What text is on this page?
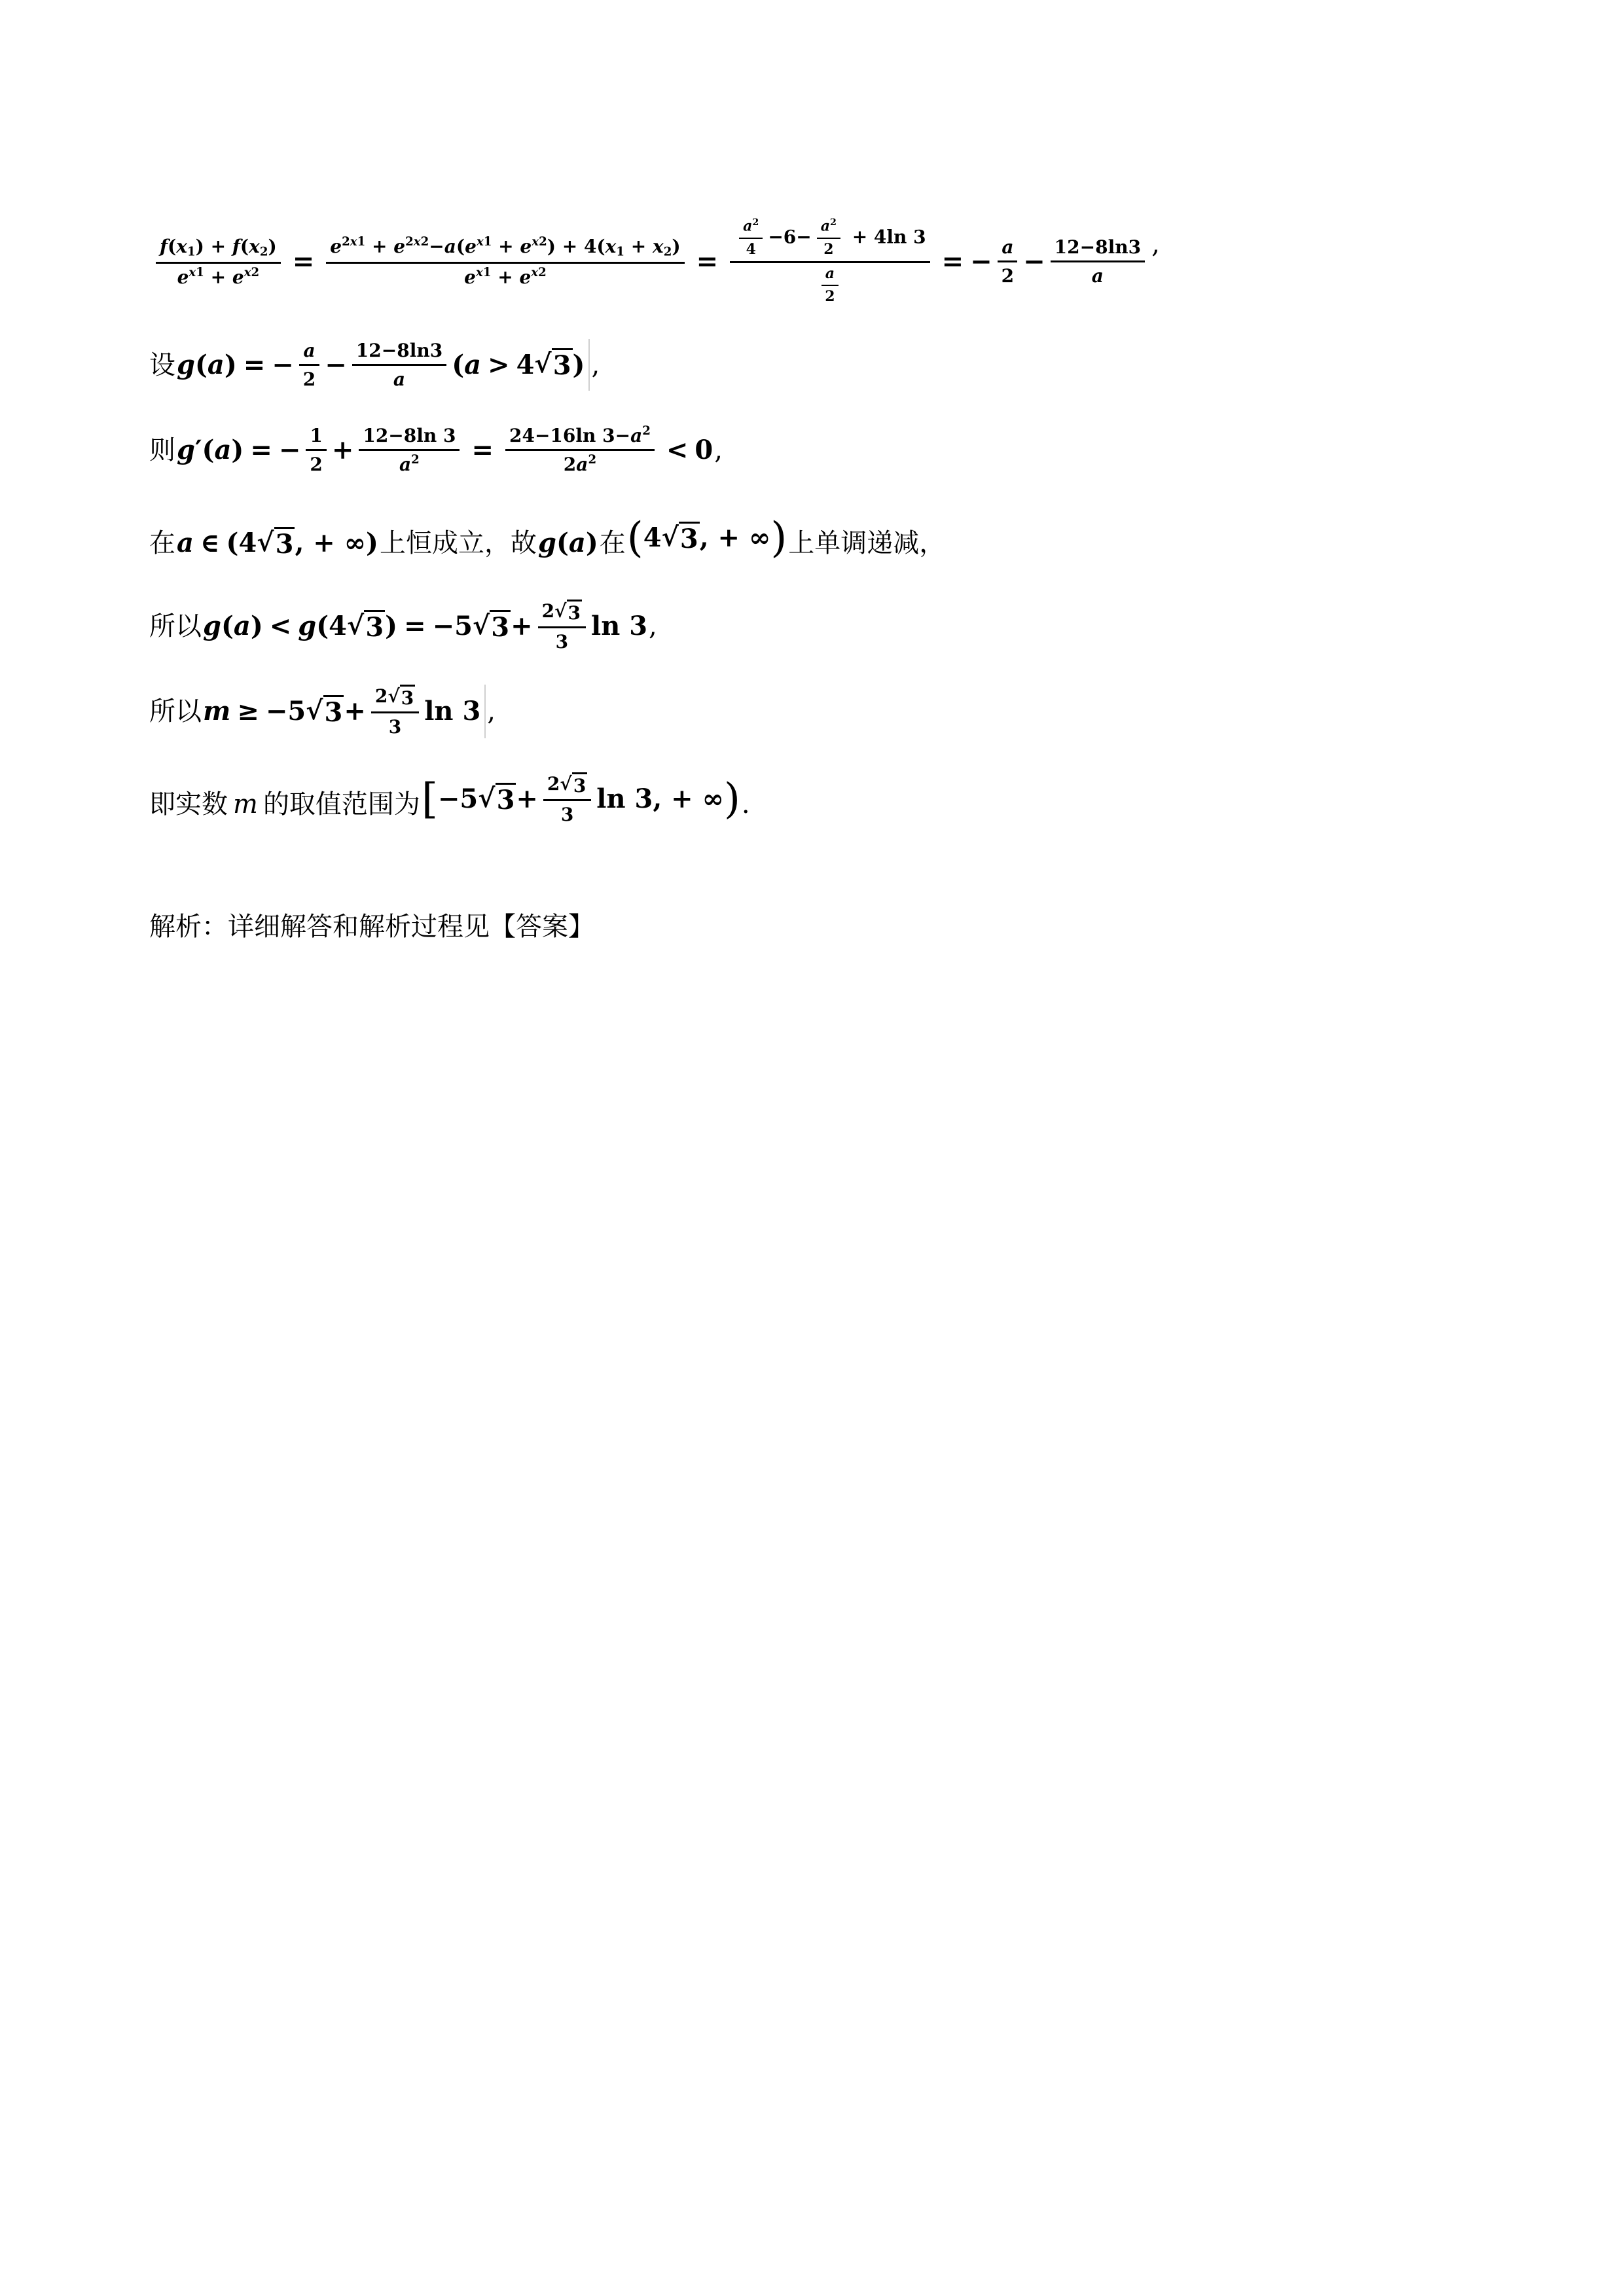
$\frac{f(x_1) + f(x_2)}{e^{x1} + e^{x2}} = \frac{e^{2x1} + e^{2x2}-a(e^{x1} + e^{x2}) + 4(x_1 + x_2)}{e^{x1} + e^{x2}} = \frac{\frac{a^2}{4} -6- \frac{a^2}{2} + 4\ln 3}{\frac{a}{2}}$ = − $\frac{a}{2} - \frac{12-8\ln 3}{a}$ ,
设 g ( a ) = − $\frac{a}{2} - \frac{12-8\ln 3}{a}$ ( a > 4 √ 3 ) ,
则 g ′( a ) = − $\frac{1}{2} + \frac{12-8\ln 3}{a^2} = \frac{24-16\ln 3-a^2}{2a^2} < 0$ ,
在 a ∈ (4 √ 3 , + ∞) 上恒成立，故 g ( a ) 在 ( 4 √ 3 , + ∞ ) 上单调递减，
所以 g ( a ) < g (4 √ 3 ) = −5 √ $3 + \frac{2√ 3}{3}$ ln 3 ,
所以 m ≥ −5 √ $3 + \frac{2√ 3}{3}$ ln 3 ,
即实数 m 的取值范围为 [ −5 √ $3 + \frac{2√ 3}{3}$ ln 3, + ∞ ) .
解析： 详细解答和解析过程见【答案】
